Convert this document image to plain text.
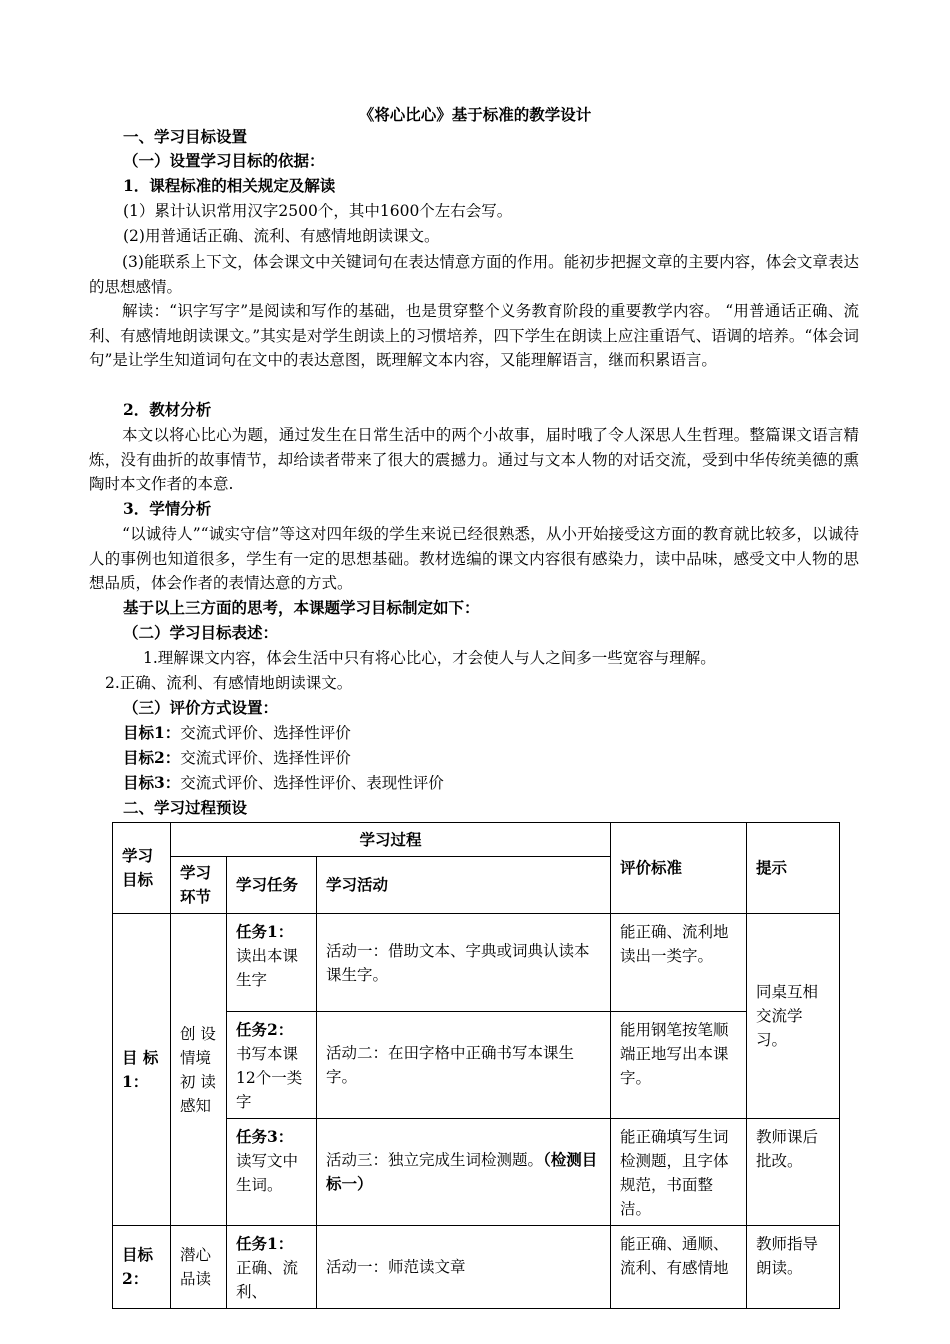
《将心比心》基于标准的教学设计
一、学习目标设置
（一）设置学习目标的依据：
1．课程标准的相关规定及解读
(1）累计认识常用汉字2500个，其中1600个左右会写。
(2)用普通话正确、流利、有感情地朗读课文。
(3)能联系上下文，体会课文中关键词句在表达情意方面的作用。能初步把握文章的主要内容，体会文章表达的思想感情。
解读：“识字写字”是阅读和写作的基础，也是贯穿整个义务教育阶段的重要教学内容。 “用普通话正确、流利、有感情地朗读课文。”其实是对学生朗读上的习惯培养，四下学生在朗读上应注重语气、语调的培养。“体会词句”是让学生知道词句在文中的表达意图，既理解文本内容，又能理解语言，继而积累语言。
2．教材分析
本文以将心比心为题，通过发生在日常生活中的两个小故事，届时哦了令人深思人生哲理。整篇课文语言精炼，没有曲折的故事情节，却给读者带来了很大的震撼力。通过与文本人物的对话交流，受到中华传统美德的熏陶时本文作者的本意.
3．学情分析
“以诚待人”“诚实守信”等这对四年级的学生来说已经很熟悉，从小开始接受这方面的教育就比较多，以诚待人的事例也知道很多，学生有一定的思想基础。教材选编的课文内容很有感染力，读中品味，感受文中人物的思想品质，体会作者的表情达意的方式。
基于以上三方面的思考，本课题学习目标制定如下：
（二）学习目标表述：
1.理解课文内容，体会生活中只有将心比心，才会使人与人之间多一些宽容与理解。
2.正确、流利、有感情地朗读课文。
（三）评价方式设置：
目标1：交流式评价、选择性评价
目标2：交流式评价、选择性评价
目标3：交流式评价、选择性评价、表现性评价
二、学习过程预设
学习目标	学习过程			评价标准	提示
	学习环节	学习任务	学习活动		
目 标1：	创 设情境 初 读感知	任务1：读出本课生字	活动一：借助文本、字典或词典认读本课生字。	能正确、流利地读出一类字。	同桌互相交流学习。
		任务2：书写本课12个一类字	活动二：在田字格中正确书写本课生字。	能用钢笔按笔顺端正地写出本课字。	
		任务3：读写文中生词。	活动三：独立完成生词检测题。（检测目标一）	能正确填写生词检测题，且字体规范，书面整洁。	教师课后批改。
目标2：	潜心品读	任务1：正确、流利、	活动一：师范读文章	能正确、通顺、流利、有感情地	教师指导朗读。
